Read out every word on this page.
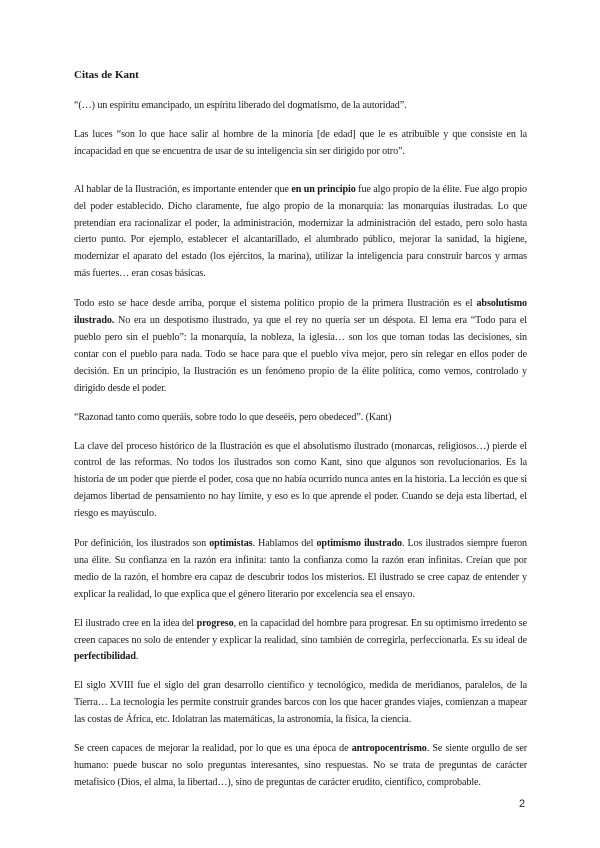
Citas de Kant

“(…) un espíritu emancipado, un espíritu liberado del dogmatismo, de la autoridad”.

Las luces “son lo que hace salir al hombre de la minoría [de edad] que le es atribuible y que consiste en la incapacidad en que se encuentra de usar de su inteligencia sin ser dirigido por otro”.

Al hablar de la Ilustración, es importante entender que en un principio fue algo propio de la élite. Fue algo propio del poder establecido. Dicho claramente, fue algo propio de la monarquía: las monarquías ilustradas. Lo que pretendían era racionalizar el poder, la administración, modernizar la administración del estado, pero solo hasta cierto punto. Por ejemplo, establecer el alcantarillado, el alumbrado público, mejorar la sanidad, la higiene, modernizar el aparato del estado (los ejércitos, la marina), utilizar la inteligencia para construir barcos y armas más fuertes… eran cosas básicas.

Todo esto se hace desde arriba, porque el sistema político propio de la primera Ilustración es el absolutismo ilustrado. No era un despotismo ilustrado, ya que el rey no quería ser un déspota. El lema era “Todo para el pueblo pero sin el pueblo”: la monarquía, la nobleza, la iglesia… son los que toman todas las decisiones, sin contar con el pueblo para nada. Todo se hace para que el pueblo viva mejor, pero sin relegar en ellos poder de decisión. En un principio, la Ilustración es un fenómeno propio de la élite política, como vemos, controlado y dirigido desde el poder.

“Razonad tanto como queráis, sobre todo lo que deseéis, pero obedeced”. (Kant)

La clave del proceso histórico de la Ilustración es que el absolutismo ilustrado (monarcas, religiosos…) pierde el control de las reformas. No todos los ilustrados son como Kant, sino que algunos son revolucionarios. Es la historia de un poder que pierde el poder, cosa que no había ocurrido nunca antes en la historia. La lección es que si dejamos libertad de pensamiento no hay límite, y eso es lo que aprende el poder. Cuando se deja esta libertad, el riesgo es mayúsculo.

Por definición, los ilustrados son optimistas. Hablamos del optimismo ilustrado. Los ilustrados siempre fueron una élite. Su confianza en la razón era infinita: tanto la confianza como la razón eran infinitas. Creían que por medio de la razón, el hombre era capaz de descubrir todos los misterios. El ilustrado se cree capaz de entender y explicar la realidad, lo que explica que el género literario por excelencia sea el ensayo.

El ilustrado cree en la idea del progreso, en la capacidad del hombre para progresar. En su optimismo irredento se creen capaces no solo de entender y explicar la realidad, sino también de corregirla, perfeccionarla. Es su ideal de perfectibilidad.

El siglo XVIII fue el siglo del gran desarrollo científico y tecnológico, medida de meridianos, paralelos, de la Tierra… La tecnología les permite construir grandes barcos con los que hacer grandes viajes, comienzan a mapear las costas de África, etc. Idolatran las matemáticas, la astronomía, la física, la ciencia.

Se creen capaces de mejorar la realidad, por lo que es una época de antropocentrismo. Se siente orgullo de ser humano: puede buscar no solo preguntas interesantes, sino respuestas. No se trata de preguntas de carácter metafísico (Dios, el alma, la libertad…), sino de preguntas de carácter erudito, científico, comprobable.

2
